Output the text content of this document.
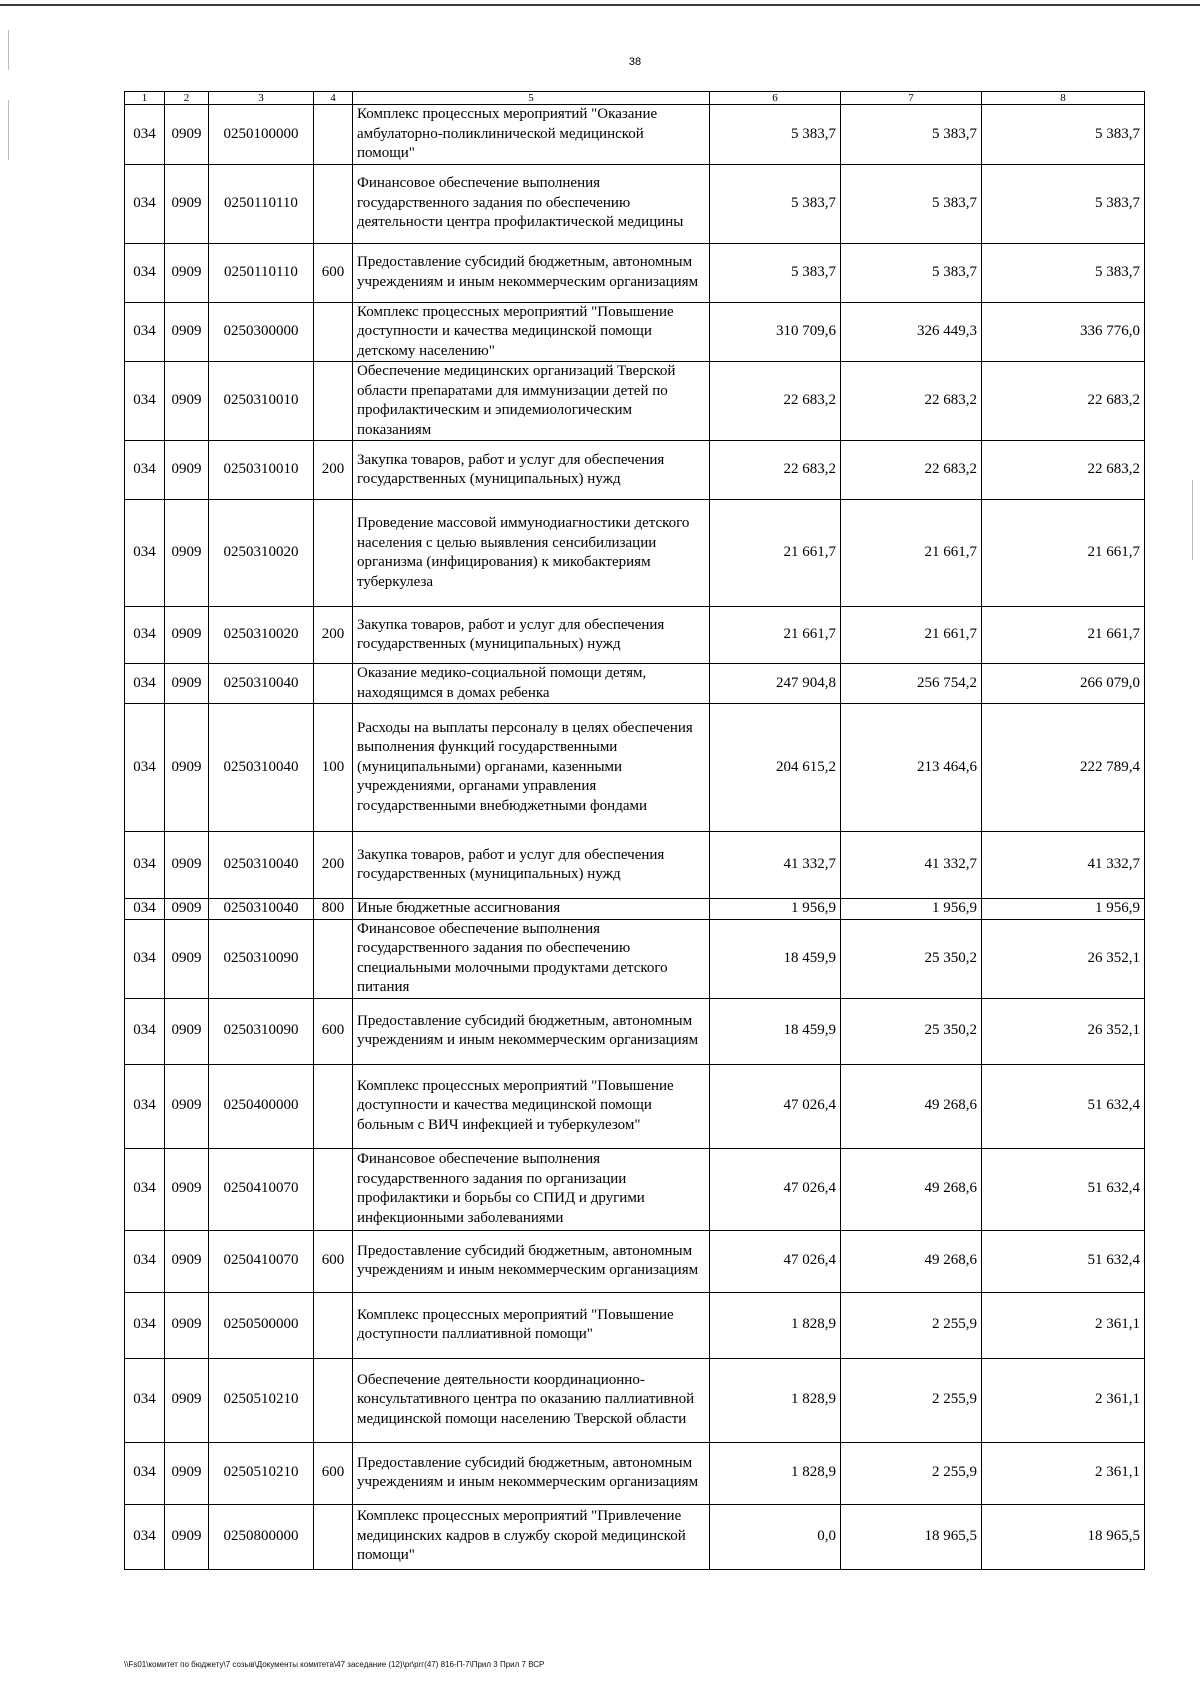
38
1	2	3	4	5	6	7	8
034	0909	0250100000		Комплекс процессных мероприятий "Оказание амбулаторно-поликлинической медицинской помощи"	5 383,7	5 383,7	5 383,7
034	0909	0250110110		Финансовое обеспечение выполнения государственного задания по обеспечению деятельности центра профилактической медицины	5 383,7	5 383,7	5 383,7
034	0909	0250110110	600	Предоставление субсидий бюджетным, автономным учреждениям и иным некоммерческим организациям	5 383,7	5 383,7	5 383,7
034	0909	0250300000		Комплекс процессных мероприятий "Повышение доступности и качества медицинской помощи детскому населению"	310 709,6	326 449,3	336 776,0
034	0909	0250310010		Обеспечение медицинских организаций Тверской области препаратами для иммунизации детей по профилактическим и эпидемиологическим показаниям	22 683,2	22 683,2	22 683,2
034	0909	0250310010	200	Закупка товаров, работ и услуг для обеспечения государственных (муниципальных) нужд	22 683,2	22 683,2	22 683,2
034	0909	0250310020		Проведение массовой иммунодиагностики детского населения с целью выявления сенсибилизации организма (инфицирования) к микобактериям туберкулеза	21 661,7	21 661,7	21 661,7
034	0909	0250310020	200	Закупка товаров, работ и услуг для обеспечения государственных (муниципальных) нужд	21 661,7	21 661,7	21 661,7
034	0909	0250310040		Оказание медико-социальной помощи детям, находящимся в домах ребенка	247 904,8	256 754,2	266 079,0
034	0909	0250310040	100	Расходы на выплаты персоналу в целях обеспечения выполнения функций государственными (муниципальными) органами, казенными учреждениями, органами управления государственными внебюджетными фондами	204 615,2	213 464,6	222 789,4
034	0909	0250310040	200	Закупка товаров, работ и услуг для обеспечения государственных (муниципальных) нужд	41 332,7	41 332,7	41 332,7
034	0909	0250310040	800	Иные бюджетные ассигнования	1 956,9	1 956,9	1 956,9
034	0909	0250310090		Финансовое обеспечение выполнения государственного задания по обеспечению специальными молочными продуктами детского питания	18 459,9	25 350,2	26 352,1
034	0909	0250310090	600	Предоставление субсидий бюджетным, автономным учреждениям и иным некоммерческим организациям	18 459,9	25 350,2	26 352,1
034	0909	0250400000		Комплекс процессных мероприятий "Повышение доступности и качества медицинской помощи больным с ВИЧ инфекцией и туберкулезом"	47 026,4	49 268,6	51 632,4
034	0909	0250410070		Финансовое обеспечение выполнения государственного задания по организации профилактики и борьбы со СПИД и другими инфекционными заболеваниями	47 026,4	49 268,6	51 632,4
034	0909	0250410070	600	Предоставление субсидий бюджетным, автономным учреждениям и иным некоммерческим организациям	47 026,4	49 268,6	51 632,4
034	0909	0250500000		Комплекс процессных мероприятий "Повышение доступности паллиативной помощи"	1 828,9	2 255,9	2 361,1
034	0909	0250510210		Обеспечение деятельности координационно-консультативного центра по оказанию паллиативной медицинской помощи населению Тверской области	1 828,9	2 255,9	2 361,1
034	0909	0250510210	600	Предоставление субсидий бюджетным, автономным учреждениям и иным некоммерческим организациям	1 828,9	2 255,9	2 361,1
034	0909	0250800000		Комплекс процессных мероприятий "Привлечение медицинских кадров в службу скорой медицинской помощи"	0,0	18 965,5	18 965,5
\\Fs01\комитет по бюджету\7 созыв\Документы комитета\47 заседание (12)\pr\prг(47) 816-П-7\Прил 3 Прил 7 ВСР
